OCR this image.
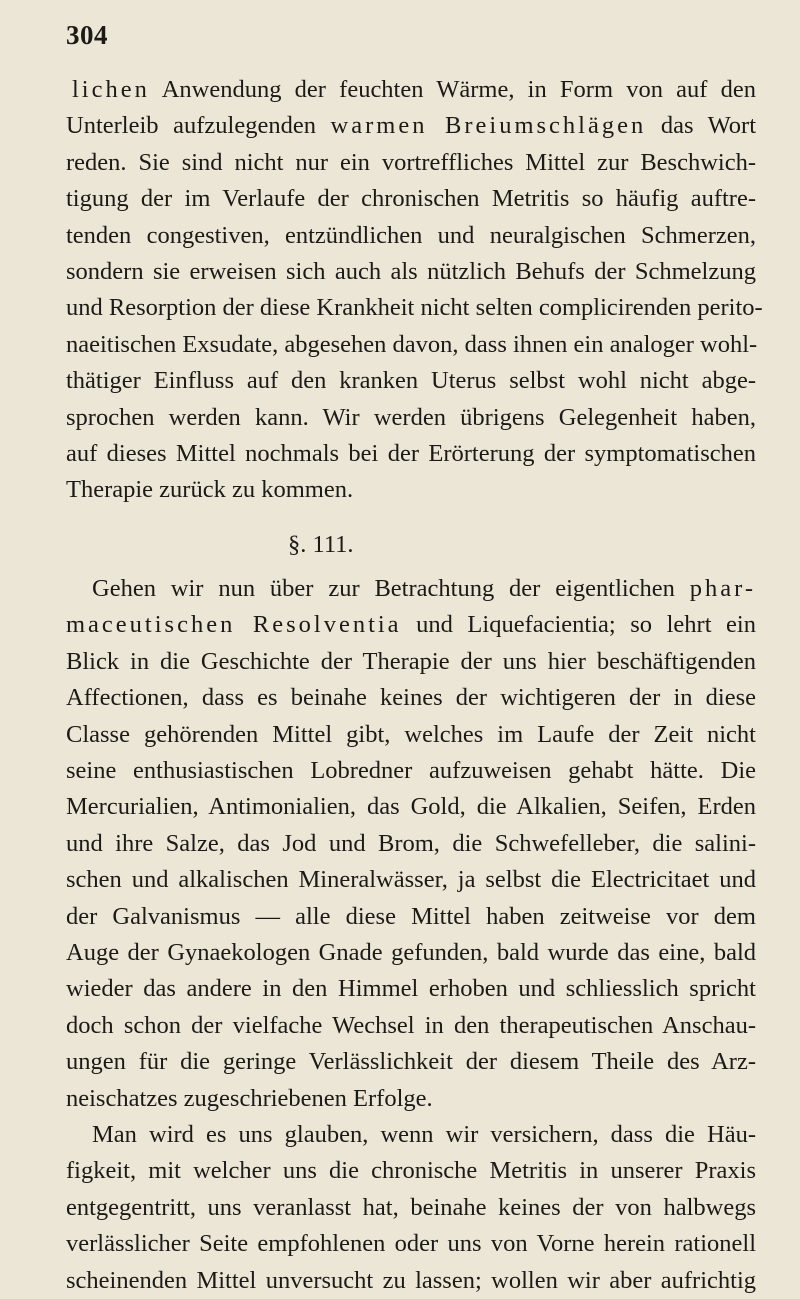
304
lichen Anwendung der feuchten Wärme, in Form von auf den
Unterleib aufzulegenden warmen Breiumschlägen das Wort
reden. Sie sind nicht nur ein vortreffliches Mittel zur Beschwich-
tigung der im Verlaufe der chronischen Metritis so häufig auftre-
tenden congestiven, entzündlichen und neuralgischen Schmerzen,
sondern sie erweisen sich auch als nützlich Behufs der Schmelzung
und Resorption der diese Krankheit nicht selten complicirenden perito-
naeitischen Exsudate, abgesehen davon, dass ihnen ein analoger wohl-
thätiger Einfluss auf den kranken Uterus selbst wohl nicht abge-
sprochen werden kann. Wir werden übrigens Gelegenheit haben,
auf dieses Mittel nochmals bei der Erörterung der symptomatischen
Therapie zurück zu kommen.
§. 111.
Gehen wir nun über zur Betrachtung der eigentlichen phar-
maceutischen Resolventia und Liquefacientia; so lehrt ein
Blick in die Geschichte der Therapie der uns hier beschäftigenden
Affectionen, dass es beinahe keines der wichtigeren der in diese
Classe gehörenden Mittel gibt, welches im Laufe der Zeit nicht
seine enthusiastischen Lobredner aufzuweisen gehabt hätte. Die
Mercurialien, Antimonialien, das Gold, die Alkalien, Seifen, Erden
und ihre Salze, das Jod und Brom, die Schwefelleber, die salini-
schen und alkalischen Mineralwässer, ja selbst die Electricitaet und
der Galvanismus — alle diese Mittel haben zeitweise vor dem
Auge der Gynaekologen Gnade gefunden, bald wurde das eine, bald
wieder das andere in den Himmel erhoben und schliesslich spricht
doch schon der vielfache Wechsel in den therapeutischen Anschau-
ungen für die geringe Verlässlichkeit der diesem Theile des Arz-
neischatzes zugeschriebenen Erfolge.
Man wird es uns glauben, wenn wir versichern, dass die Häu-
figkeit, mit welcher uns die chronische Metritis in unserer Praxis
entgegentritt, uns veranlasst hat, beinahe keines der von halbwegs
verlässlicher Seite empfohlenen oder uns von Vorne herein rationell
scheinenden Mittel unversucht zu lassen; wollen wir aber aufrichtig
